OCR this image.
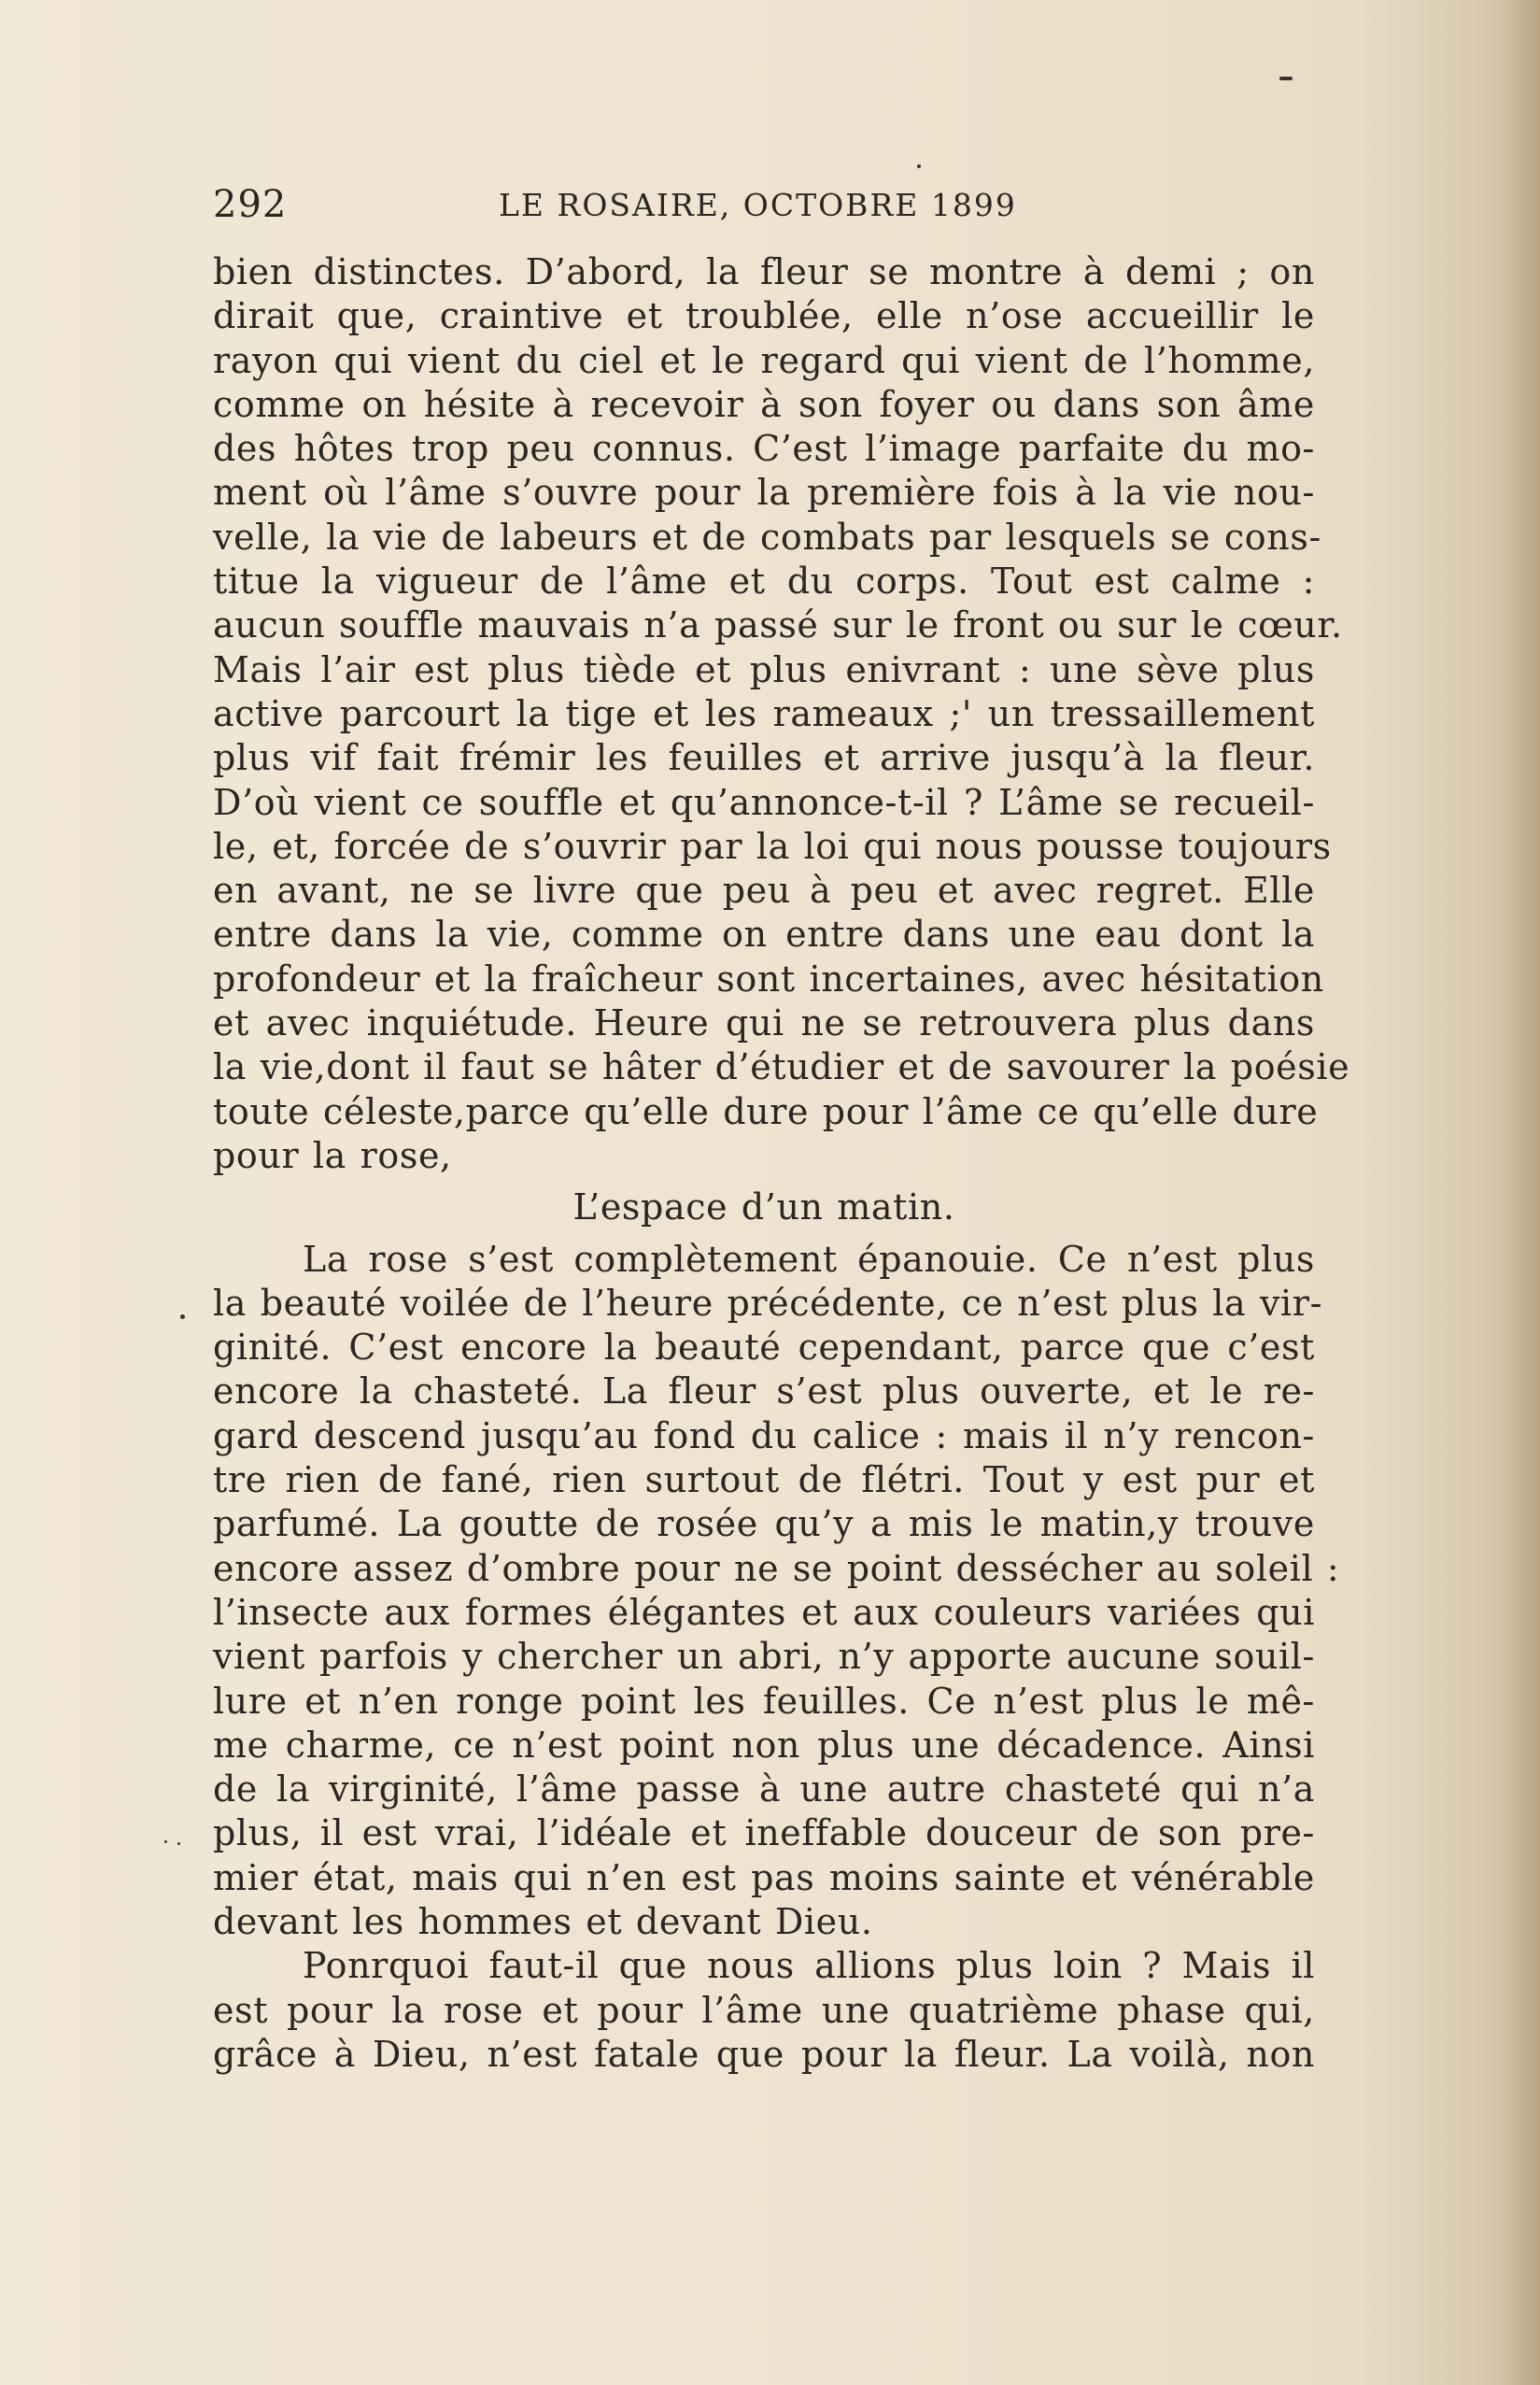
292	LE ROSAIRE, OCTOBRE 1899
bien distinctes. D’abord, la fleur se montre à demi ; on
dirait que, craintive et troublée, elle n’ose accueillir le
rayon qui vient du ciel et le regard qui vient de l’homme,
comme on hésite à recevoir à son foyer ou dans son âme
des hôtes trop peu connus. C’est l’image parfaite du mo-
ment où l’âme s’ouvre pour la première fois à la vie nou-
velle, la vie de labeurs et de combats par lesquels se cons-
titue la vigueur de l’âme et du corps. Tout est calme :
aucun souffle mauvais n’a passé sur le front ou sur le cœur.
Mais l’air est plus tiède et plus enivrant : une sève plus
active parcourt la tige et les rameaux ;' un tressaillement
plus vif fait frémir les feuilles et arrive jusqu’à la fleur.
D’où vient ce souffle et qu’annonce-t-il ? L’âme se recueil-
le, et, forcée de s’ouvrir par la loi qui nous pousse toujours
en avant, ne se livre que peu à peu et avec regret. Elle
entre dans la vie, comme on entre dans une eau dont la
profondeur et la fraîcheur sont incertaines, avec hésitation
et avec inquiétude. Heure qui ne se retrouvera plus dans
la vie,dont il faut se hâter d’étudier et de savourer la poésie
toute céleste,parce qu’elle dure pour l’âme ce qu’elle dure
pour la rose,
L’espace d’un matin.
La rose s’est complètement épanouie. Ce n’est plus
la beauté voilée de l’heure précédente, ce n’est plus la vir-
ginité. C’est encore la beauté cependant, parce que c’est
encore la chasteté. La fleur s’est plus ouverte, et le re-
gard descend jusqu’au fond du calice : mais il n’y rencon-
tre rien de fané, rien surtout de flétri. Tout y est pur et
parfumé. La goutte de rosée qu’y a mis le matin,y trouve
encore assez d’ombre pour ne se point dessécher au soleil :
l’insecte aux formes élégantes et aux couleurs variées qui
vient parfois y chercher un abri, n’y apporte aucune souil-
lure et n’en ronge point les feuilles. Ce n’est plus le mê-
me charme, ce n’est point non plus une décadence. Ainsi
de la virginité, l’âme passe à une autre chasteté qui n’a
plus, il est vrai, l’idéale et ineffable douceur de son pre-
mier état, mais qui n’en est pas moins sainte et vénérable
devant les hommes et devant Dieu.
Ponrquoi faut-il que nous allions plus loin ? Mais il
est pour la rose et pour l’âme une quatrième phase qui,
grâce à Dieu, n’est fatale que pour la fleur. La voilà, non
